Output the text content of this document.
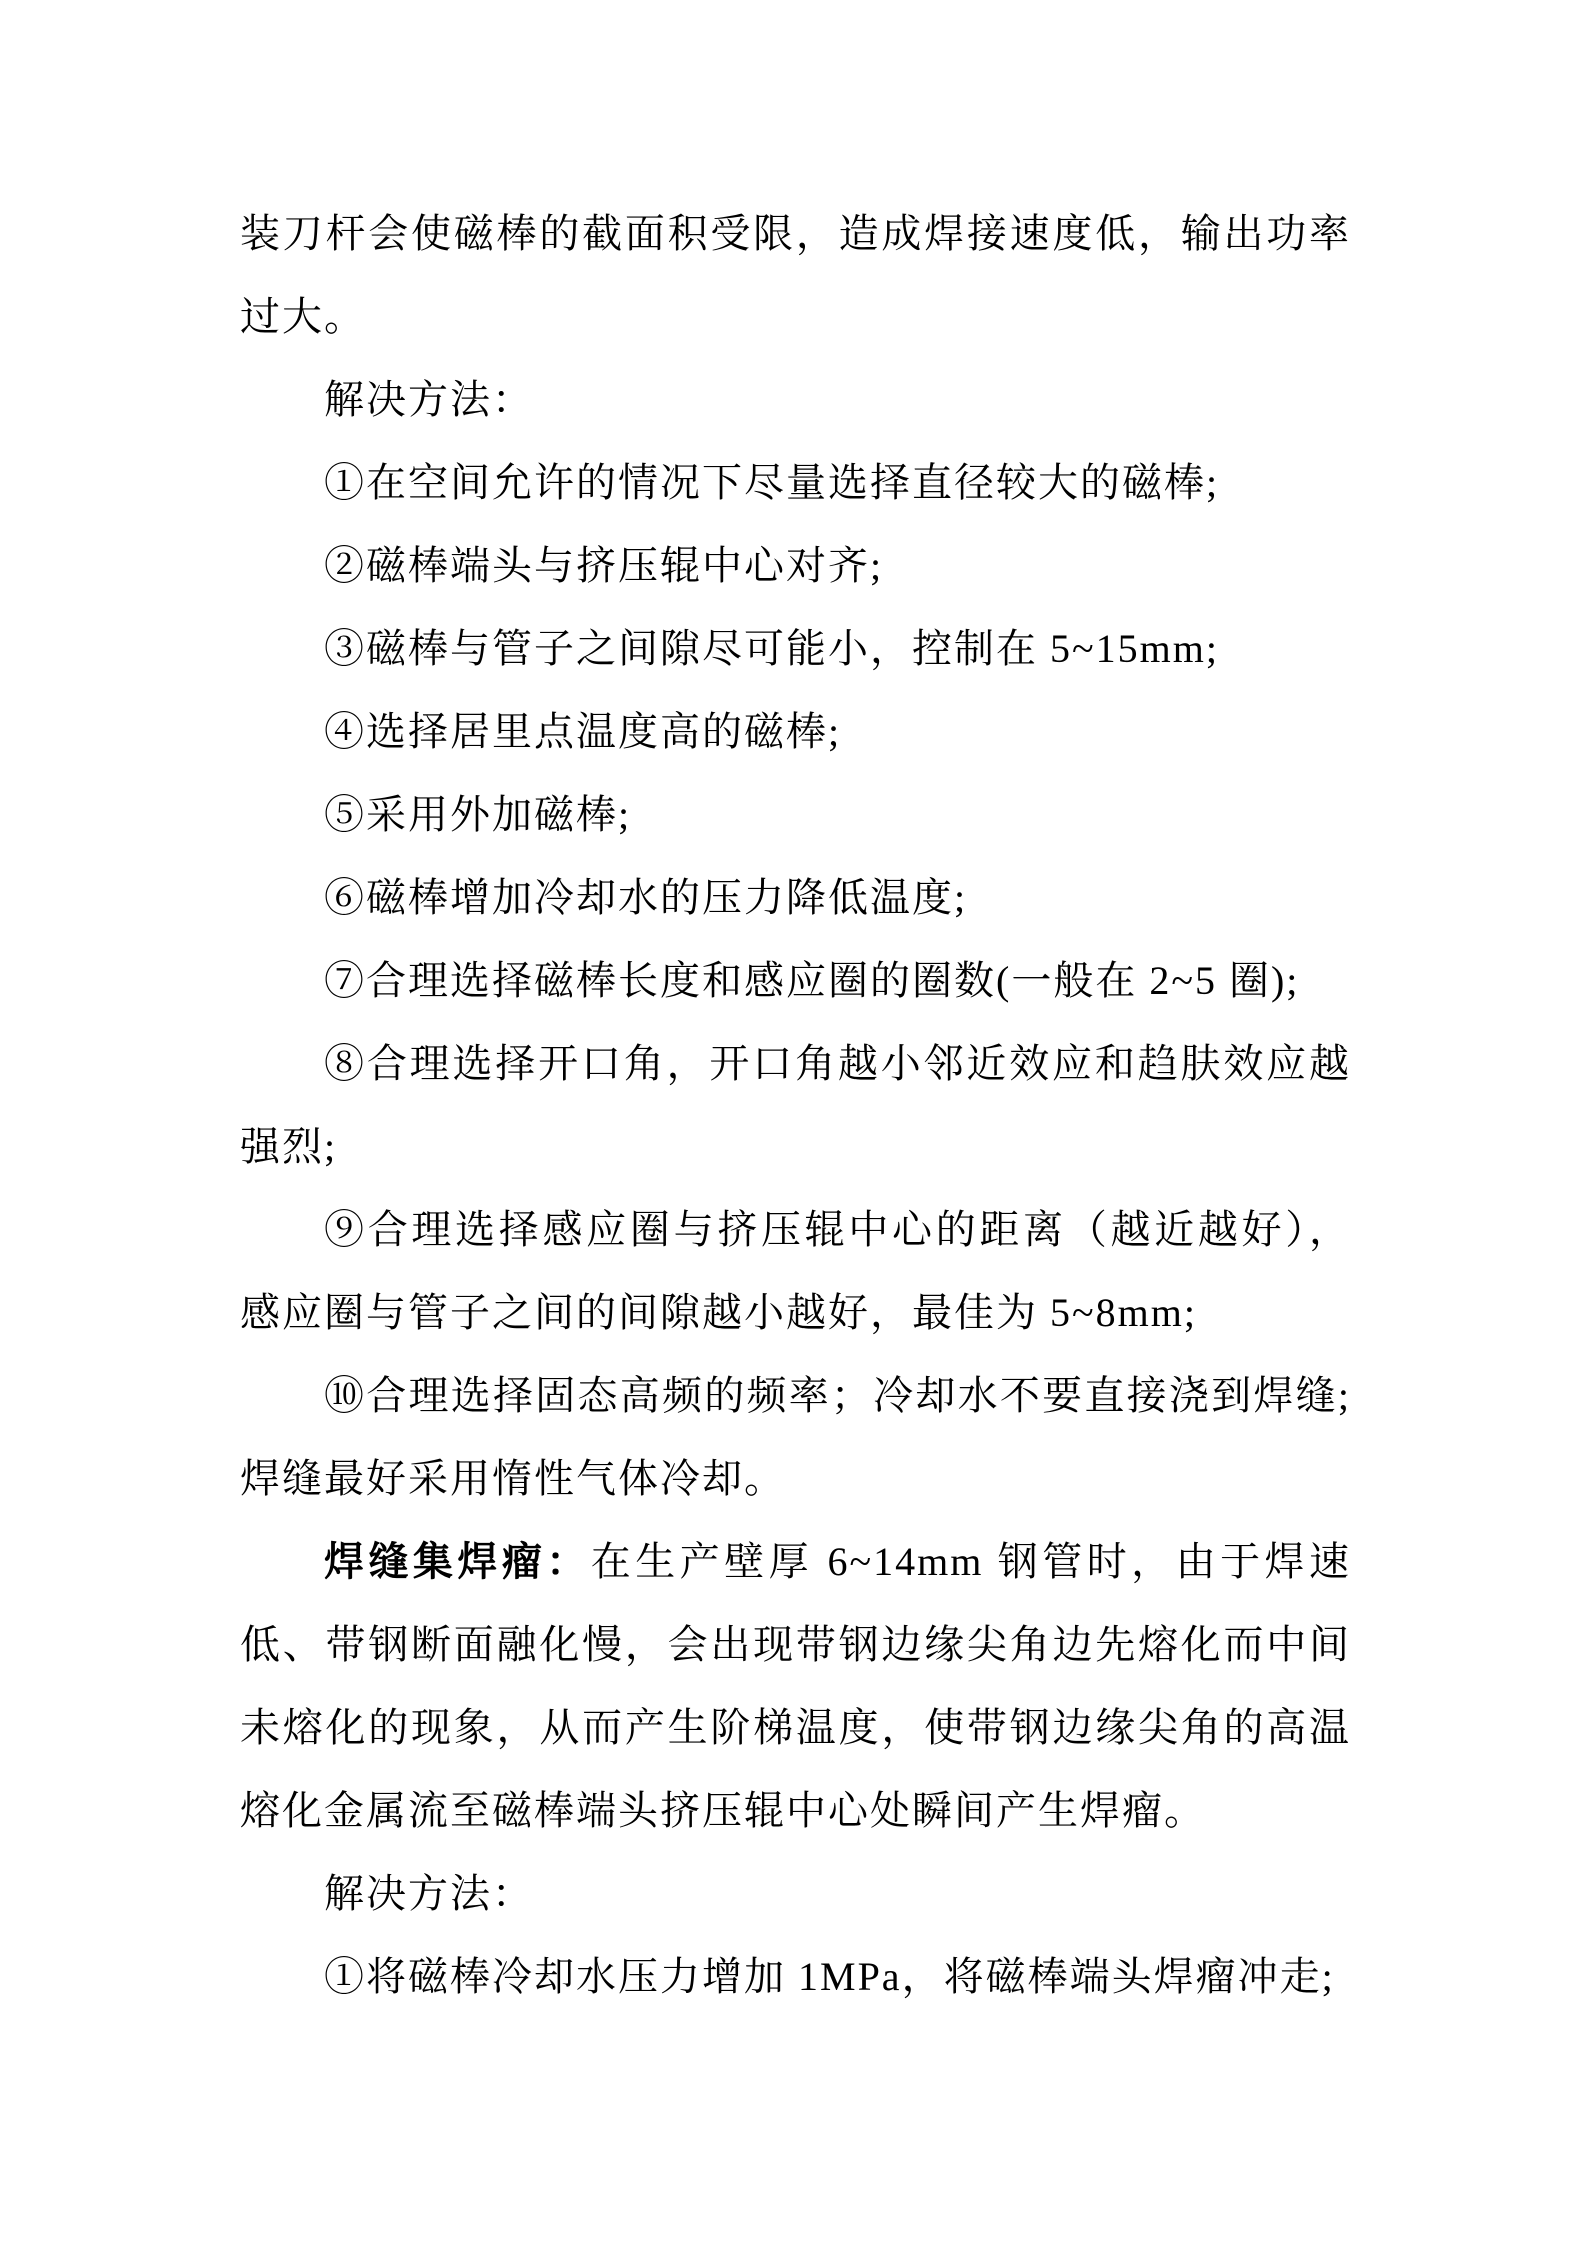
装刀杆会使磁棒的截面积受限，造成焊接速度低，输出功率
过大。
解决方法：
①在空间允许的情况下尽量选择直径较大的磁棒;
②磁棒端头与挤压辊中心对齐;
③磁棒与管子之间隙尽可能小，控制在 5~15mm;
④选择居里点温度高的磁棒;
⑤采用外加磁棒;
⑥磁棒增加冷却水的压力降低温度;
⑦合理选择磁棒长度和感应圈的圈数(一般在 2~5 圈);
⑧合理选择开口角，开口角越小邻近效应和趋肤效应越
强烈;
⑨合理选择感应圈与挤压辊中心的距离（越近越好），
感应圈与管子之间的间隙越小越好，最佳为 5~8mm;
⑩合理选择固态高频的频率；冷却水不要直接浇到焊缝;
焊缝最好采用惰性气体冷却。
焊缝集焊瘤：在生产壁厚 6~14mm 钢管时，由于焊速
低、带钢断面融化慢，会出现带钢边缘尖角边先熔化而中间
未熔化的现象，从而产生阶梯温度，使带钢边缘尖角的高温
熔化金属流至磁棒端头挤压辊中心处瞬间产生焊瘤。
解决方法：
①将磁棒冷却水压力增加 1MPa，将磁棒端头焊瘤冲走;
